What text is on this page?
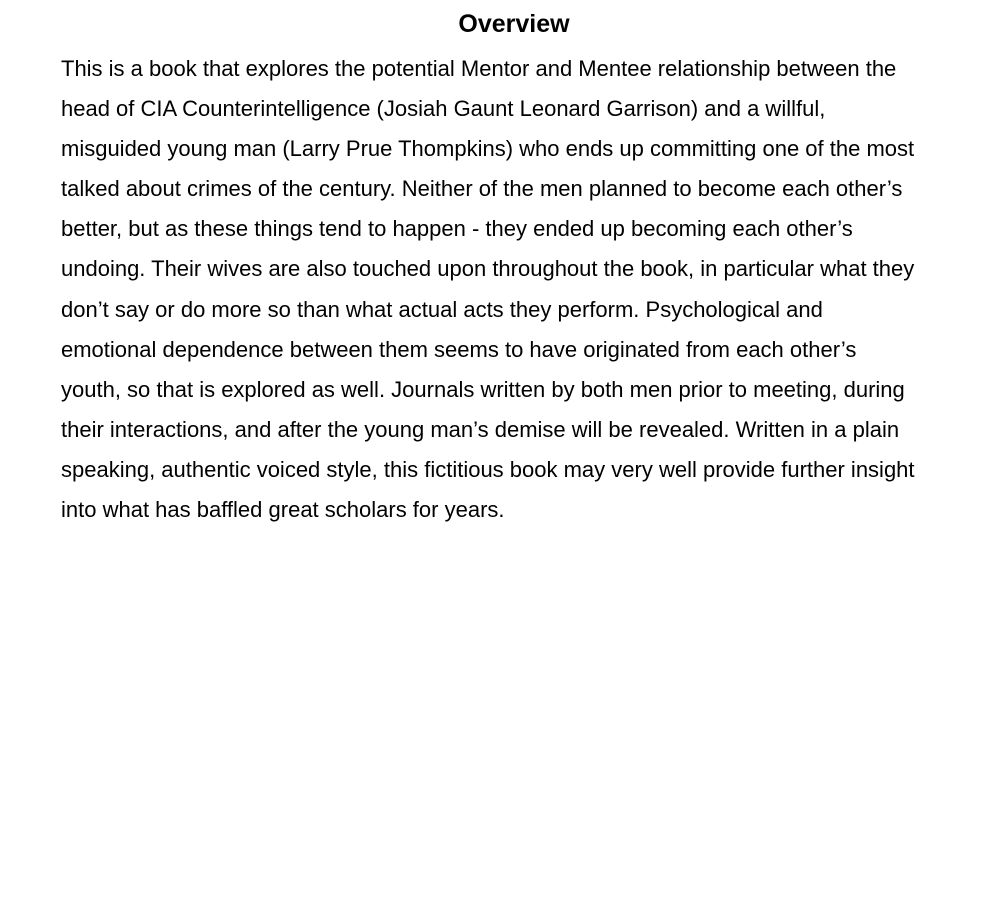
Overview

This is a book that explores the potential Mentor and Mentee relationship between the
head of CIA Counterintelligence (Josiah Gaunt Leonard Garrison) and a willful,
misguided young man (Larry Prue Thompkins) who ends up committing one of the most
talked about crimes of the century. Neither of the men planned to become each other’s
better, but as these things tend to happen - they ended up becoming each other’s
undoing. Their wives are also touched upon throughout the book, in particular what they
don’t say or do more so than what actual acts they perform. Psychological and
emotional dependence between them seems to have originated from each other’s
youth, so that is explored as well. Journals written by both men prior to meeting, during
their interactions, and after the young man’s demise will be revealed. Written in a plain
speaking, authentic voiced style, this fictitious book may very well provide further insight
into what has baffled great scholars for years.
